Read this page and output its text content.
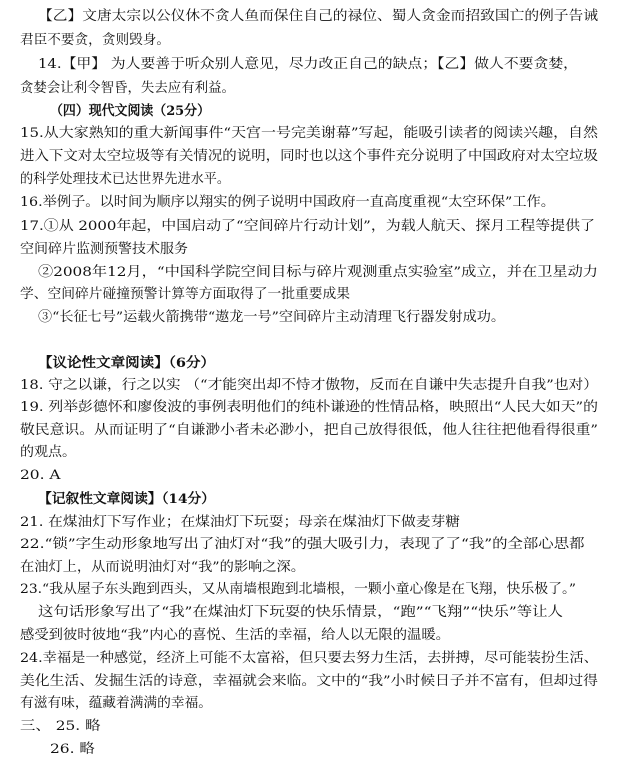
【乙】文唐太宗以公仪休不贪人鱼而保住自己的禄位、蜀人贪金而招致国亡的例子告诫
君臣不要贪，贪则毁身。
14.【甲】 为人要善于听众别人意见，尽力改正自己的缺点；【乙】做人不要贪婪，
贪婪会让利令智昏，失去应有利益。
（四）现代文阅读（25分）
15.从大家熟知的重大新闻事件“天宫一号完美谢幕”写起，能吸引读者的阅读兴趣，自然
进入下文对太空垃圾等有关情况的说明，同时也以这个事件充分说明了中国政府对太空垃圾
的科学处理技术已达世界先进水平。
16.举例子。以时间为顺序以翔实的例子说明中国政府一直高度重视“太空环保”工作。
17.①从 2000年起，中国启动了“空间碎片行动计划”，为载人航天、探月工程等提供了
空间碎片监测预警技术服务
②2008年12月，“中国科学院空间目标与碎片观测重点实验室”成立，并在卫星动力
学、空间碎片碰撞预警计算等方面取得了一批重要成果
③“长征七号”运载火箭携带“遨龙一号”空间碎片主动清理飞行器发射成功。
【议论性文章阅读】（6分）
18. 守之以谦，行之以实 （“才能突出却不恃才傲物，反而在自谦中失志提升自我”也对）
19. 列举彭德怀和廖俊波的事例表明他们的纯朴谦逊的性情品格，映照出“人民大如天”的
敬民意识。从而证明了“自谦渺小者未必渺小，把自己放得很低，他人往往把他看得很重”
的观点。
20. A
【记叙性文章阅读】（14分）
21. 在煤油灯下写作业；在煤油灯下玩耍；母亲在煤油灯下做麦芽糖
22.“锁”字生动形象地写出了油灯对“我”的强大吸引力，表现了了“我”的全部心思都
在油灯上，从而说明油灯对“我”的影响之深。
23.“我从屋子东头跑到西头，又从南墙根跑到北墙根，一颗小童心像是在飞翔，快乐极了。”
这句话形象写出了“我”在煤油灯下玩耍的快乐情景，“跑”“飞翔”“快乐”等让人
感受到彼时彼地“我”内心的喜悦、生活的幸福，给人以无限的温暖。
24.幸福是一种感觉，经济上可能不太富裕，但只要去努力生活，去拼搏，尽可能装扮生活、
美化生活、发掘生活的诗意，幸福就会来临。文中的“我”小时候日子并不富有，但却过得
有滋有味，蕴藏着满满的幸福。
三、 25. 略
26. 略
